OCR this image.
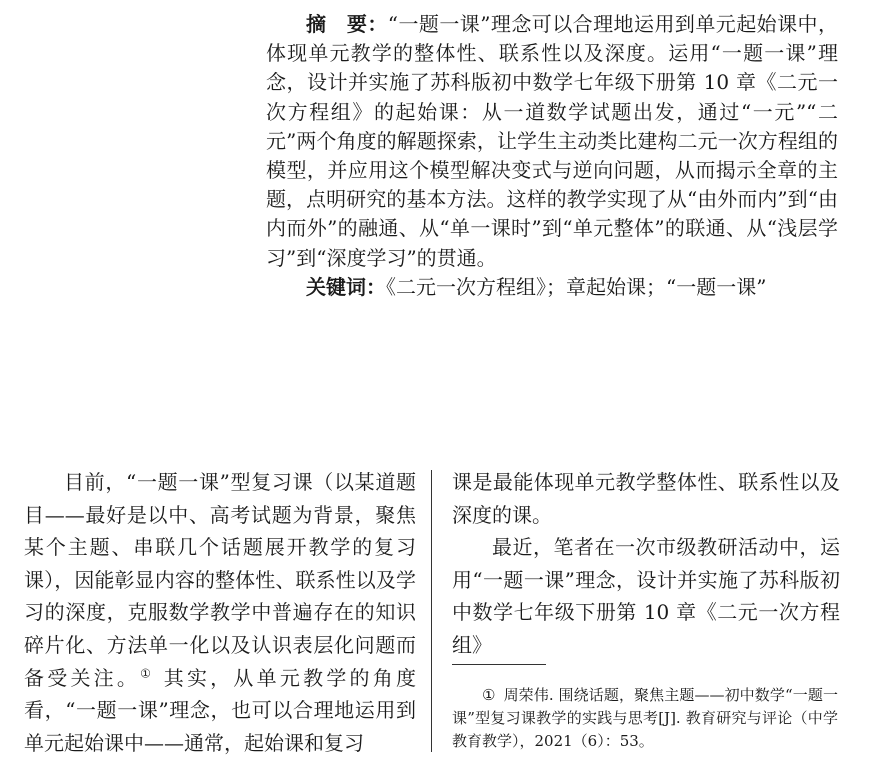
摘　要：“一题一课”理念可以合理地运用到单元起始课中，体现单元教学的整体性、联系性以及深度。运用“一题一课”理念，设计并实施了苏科版初中数学七年级下册第 10 章《二元一次方程组》的起始课：从一道数学试题出发，通过“一元”“二元”两个角度的解题探索，让学生主动类比建构二元一次方程组的模型，并应用这个模型解决变式与逆向问题，从而揭示全章的主题，点明研究的基本方法。这样的教学实现了从“由外而内”到“由内而外”的融通、从“单一课时”到“单元整体”的联通、从“浅层学习”到“深度学习”的贯通。

关键词：《二元一次方程组》；章起始课；“一题一课”

目前，“一题一课”型复习课（以某道题目——最好是以中、高考试题为背景，聚焦某个主题、串联几个话题展开教学的复习课），因能彰显内容的整体性、联系性以及学习的深度，克服数学教学中普遍存在的知识碎片化、方法单一化以及认识表层化问题而备受关注。① 其实，从单元教学的角度看，“一题一课”理念，也可以合理地运用到单元起始课中——通常，起始课和复习

课是最能体现单元教学整体性、联系性以及深度的课。

最近，笔者在一次市级教研活动中，运用“一题一课”理念，设计并实施了苏科版初中数学七年级下册第 10 章《二元一次方程组》

① 周荣伟. 围绕话题，聚焦主题——初中数学“一题一课”型复习课教学的实践与思考[J]. 教育研究与评论（中学教育教学），2021（6）：53。
